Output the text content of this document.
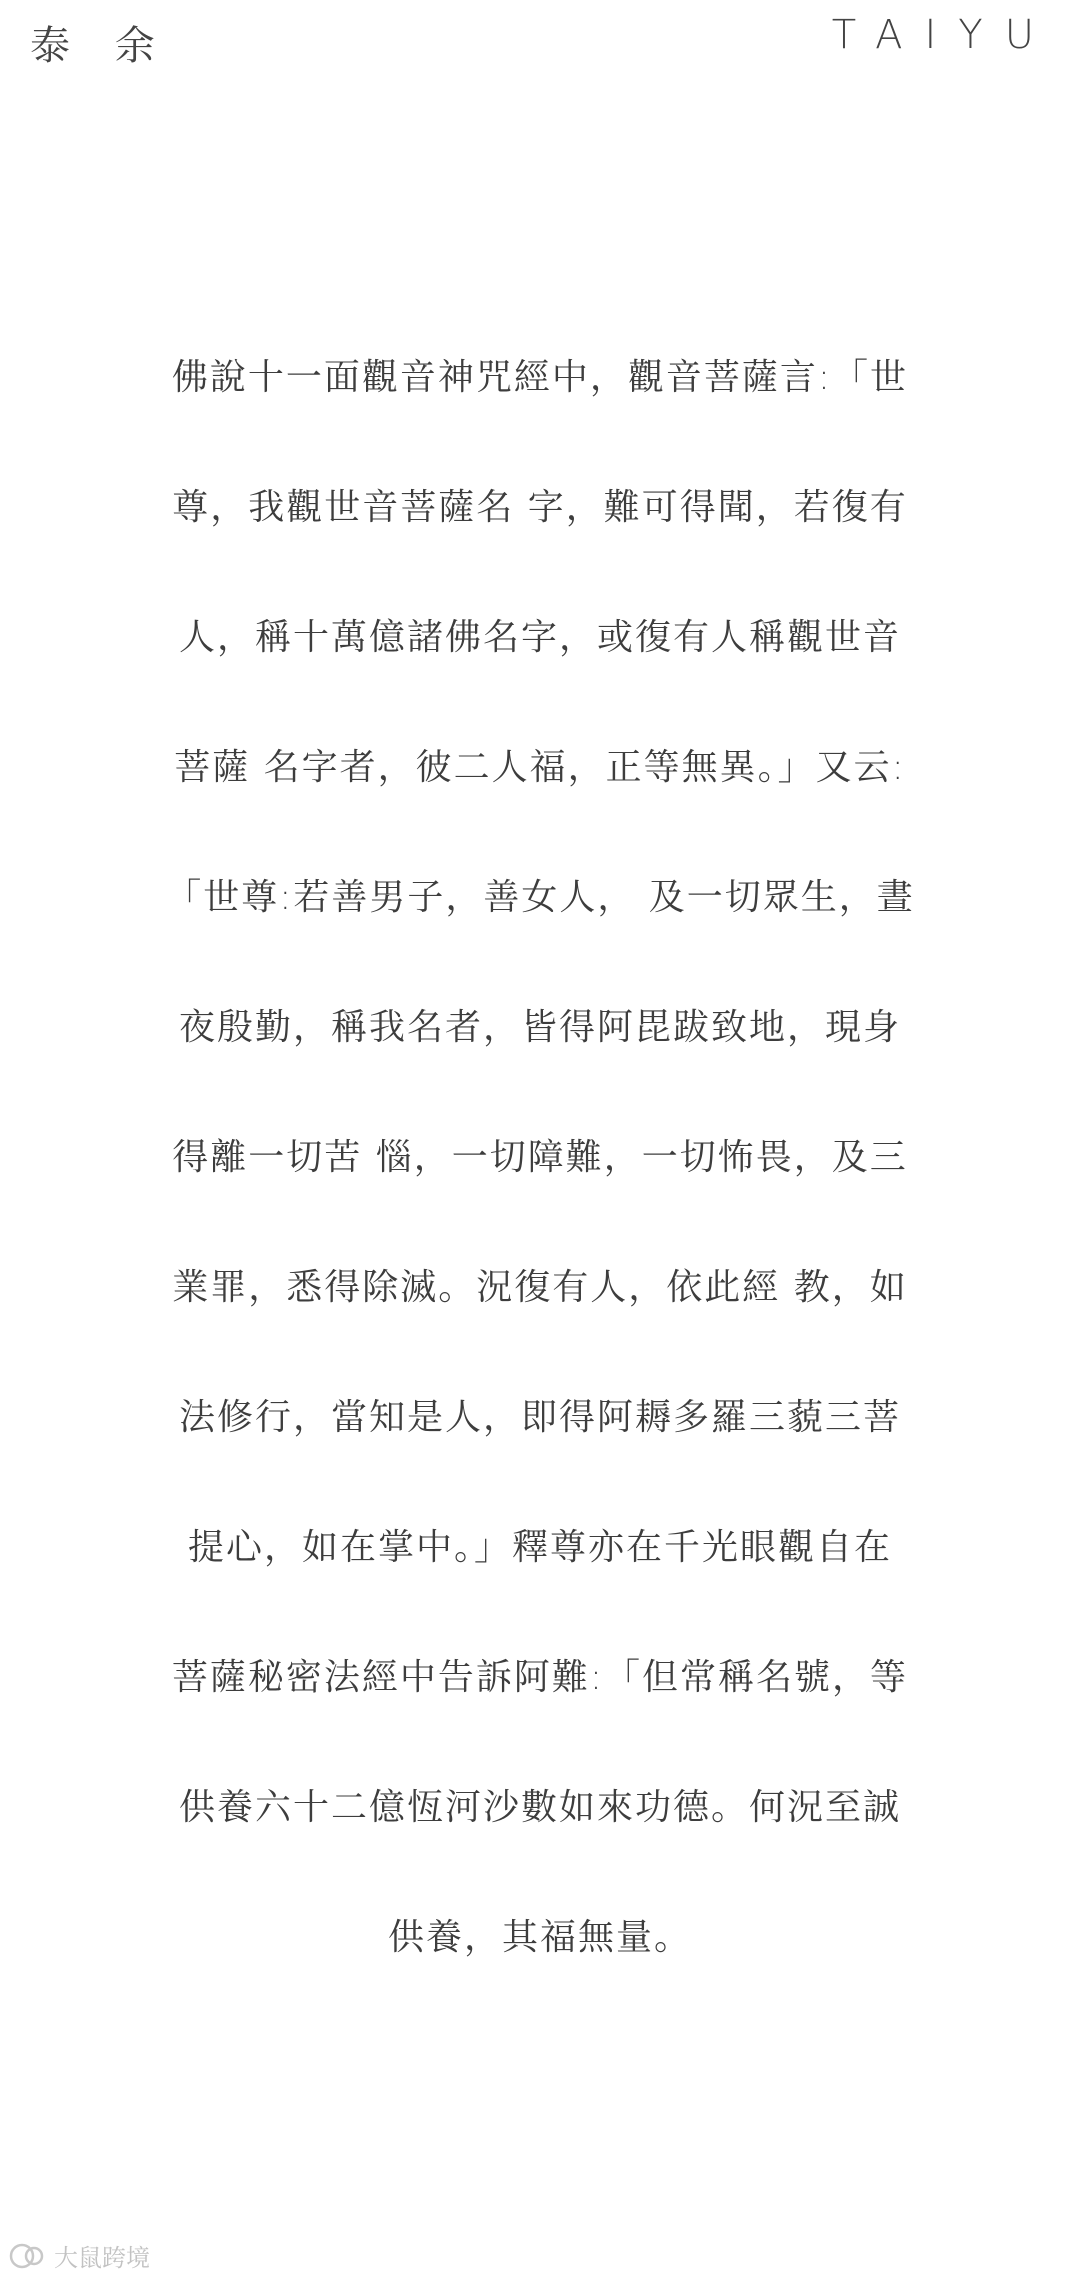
泰 余	TAIYU
佛說十一面觀音神咒經中，觀音菩薩言:「世
尊，我觀世音菩薩名 字，難可得聞，若復有
人，稱十萬億諸佛名字，或復有人稱觀世音
菩薩 名字者，彼二人福，正等無異。」又云:
「世尊:若善男子，善女人， 及一切眾生，晝
夜殷勤，稱我名者，皆得阿毘跋致地，現身
得離一切苦 惱，一切障難，一切怖畏，及三
業罪，悉得除滅。況復有人，依此經 教，如
法修行，當知是人，即得阿耨多羅三藐三菩
提心，如在掌中。」釋尊亦在千光眼觀自在
菩薩秘密法經中告訴阿難:「但常稱名號，等
供養六十二億恆河沙數如來功德。何況至誠
供養，其福無量。
大鼠跨境
